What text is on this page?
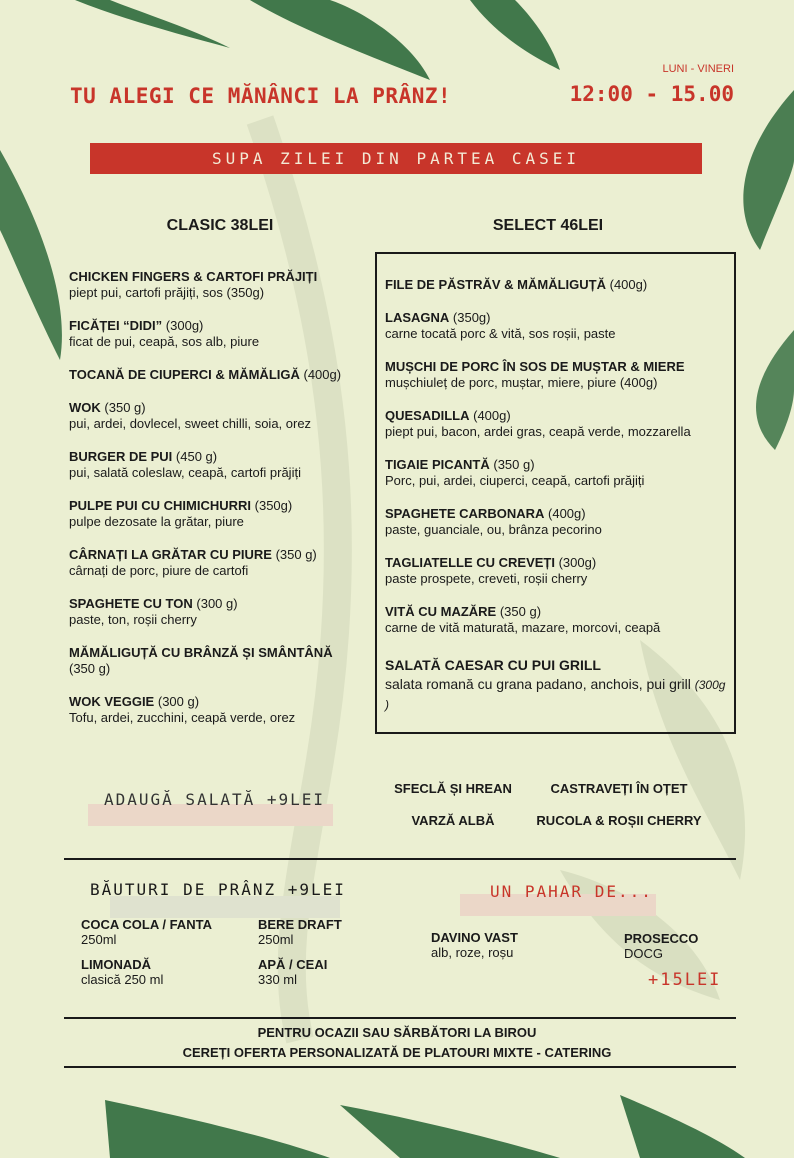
TU ALEGI CE MĂNÂNCI LA PRÂNZ!
LUNI - VINERI
12:00 - 15.00
SUPA ZILEI DIN PARTEA CASEI
CLASIC 38LEI	SELECT 46LEI
CHICKEN FINGERS & CARTOFI PRĂJIȚI
piept pui, cartofi prăjiți, sos (350g)
FICĂȚEI “DIDI” (300g)
ficat de pui, ceapă, sos alb, piure
TOCANĂ DE CIUPERCI & MĂMĂLIGĂ (400g)
WOK (350 g)
pui, ardei, dovlecel, sweet chilli, soia, orez
BURGER DE PUI (450 g)
pui, salată coleslaw, ceapă, cartofi prăjiți
PULPE PUI CU CHIMICHURRI (350g)
pulpe dezosate la grătar, piure
CÂRNAȚI LA GRĂTAR CU PIURE (350 g)
cârnați de porc, piure de cartofi
SPAGHETE CU TON (300 g)
paste, ton, roșii cherry
MĂMĂLIGUȚĂ CU BRÂNZĂ ȘI SMÂNTÂNĂ
(350 g)
WOK VEGGIE (300 g)
Tofu, ardei, zucchini, ceapă verde, orez
FILE DE PĂSTRĂV & MĂMĂLIGUȚĂ (400g)
LASAGNA (350g)
carne tocată porc & vită, sos roșii, paste
MUȘCHI DE PORC ÎN SOS DE MUȘTAR & MIERE
mușchiuleț de porc, muștar, miere, piure (400g)
QUESADILLA (400g)
piept pui, bacon, ardei gras, ceapă verde, mozzarella
TIGAIE PICANTĂ (350 g)
Porc, pui, ardei, ciuperci, ceapă, cartofi prăjiți
SPAGHETE CARBONARA (400g)
paste, guanciale, ou, brânza pecorino
TAGLIATELLE CU CREVEȚI (300g)
paste prospete, creveti, roșii cherry
VITĂ CU MAZĂRE (350 g)
carne de vită maturată, mazare, morcovi, ceapă
SALATĂ CAESAR CU PUI GRILL
salata romană cu grana padano, anchois, pui grill (300g )
ADAUGĂ SALATĂ +9LEI
SFECLĂ ȘI HREAN	CASTRAVEȚI ÎN OȚET
VARZĂ ALBĂ	RUCOLA & ROȘII CHERRY
BĂUTURI DE PRÂNZ +9LEI
COCA COLA / FANTA
250ml
BERE DRAFT
250ml
LIMONADĂ
clasică 250 ml
APĂ / CEAI
330 ml
UN PAHAR DE...
DAVINO VAST
alb, roze, roșu
PROSECCO
DOCG
+15LEI
PENTRU OCAZII SAU SĂRBĂTORI LA BIROU
CEREȚI OFERTA PERSONALIZATĂ DE PLATOURI MIXTE - CATERING
